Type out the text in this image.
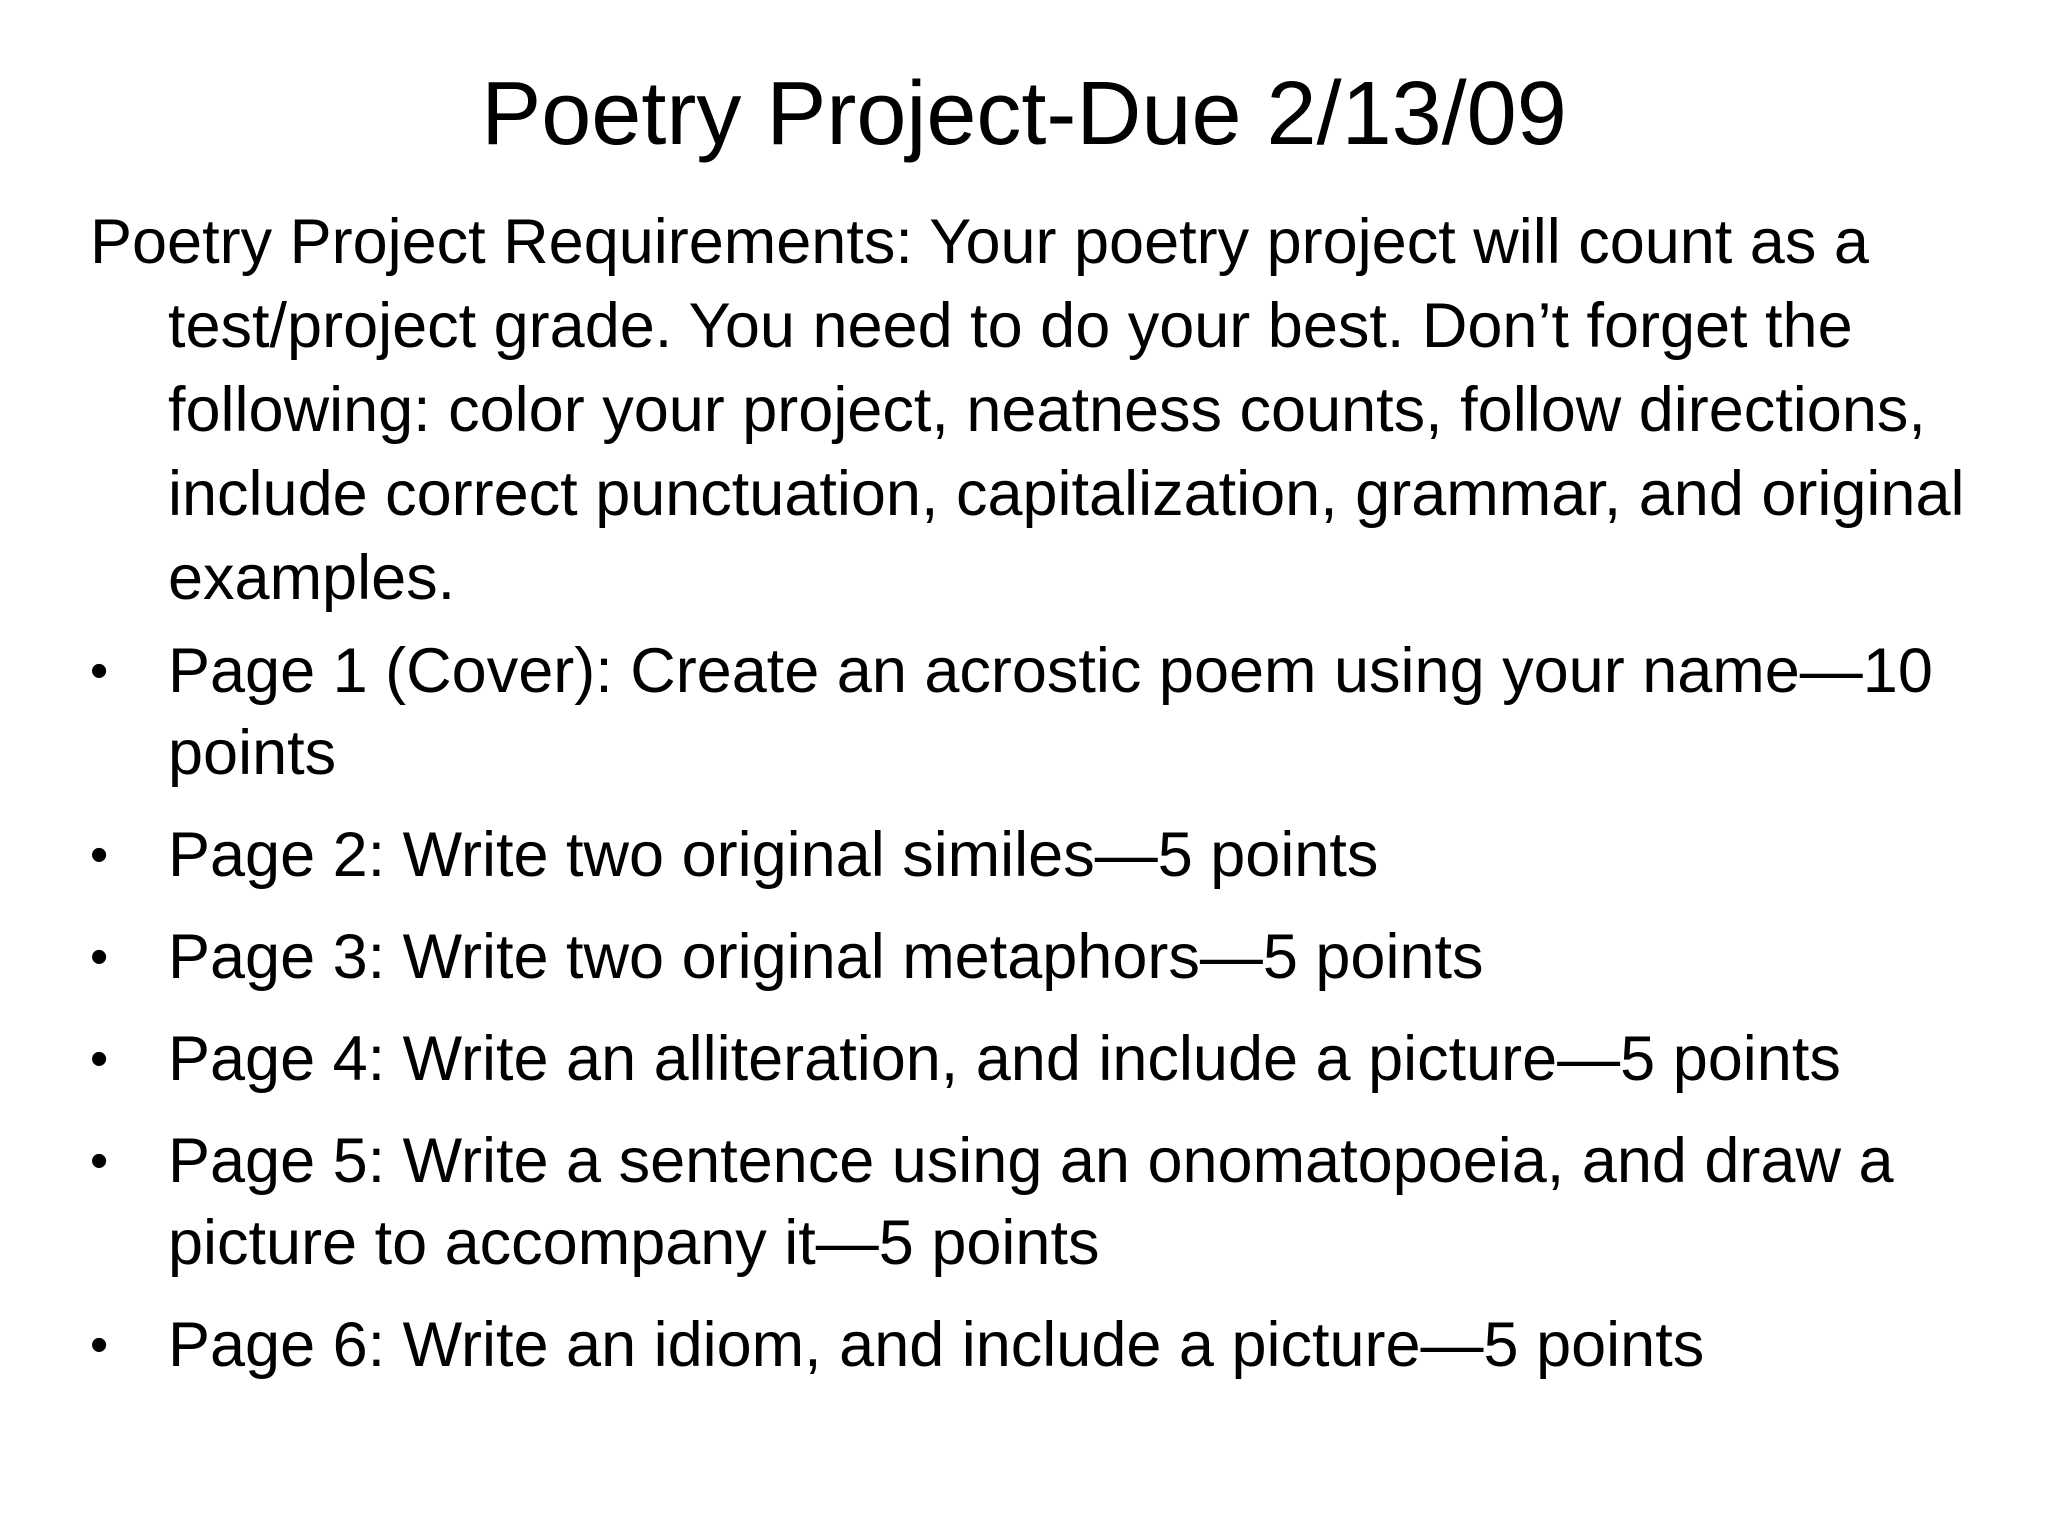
Poetry Project-Due 2/13/09

Poetry Project Requirements: Your poetry project will count as a test/project grade. You need to do your best. Don’t forget the following: color your project, neatness counts, follow directions, include correct punctuation, capitalization, grammar, and original examples.

• Page 1 (Cover): Create an acrostic poem using your name—10 points
• Page 2: Write two original similes—5 points
• Page 3: Write two original metaphors—5 points
• Page 4: Write an alliteration, and include a picture—5 points
• Page 5: Write a sentence using an onomatopoeia, and draw a picture to accompany it—5 points
• Page 6: Write an idiom, and include a picture—5 points
